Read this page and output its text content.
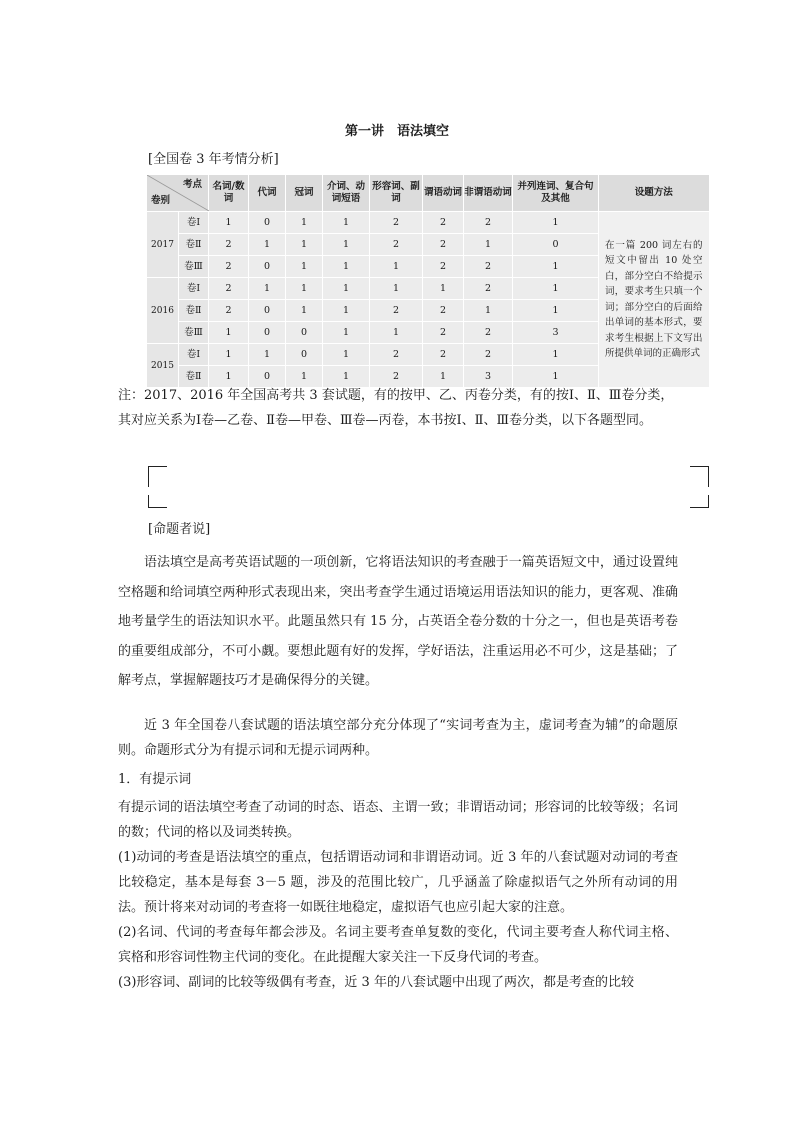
第一讲　语法填空
[全国卷 3 年考情分析]
考点
卷别		名词/数词	代词	冠词	介词、动词短语	形容词、副词	谓语动词	非谓语动词	并列连词、复合句及其他	设题方法
2017	卷Ⅰ	1	0	1	1	2	2	2	1	在一篇 200 词左右的短文中留出 10 处空白，部分空白不给提示词，要求考生只填一个词；部分空白的后面给出单词的基本形式，要求考生根据上下文写出所提供单词的正确形式
	卷Ⅱ	2	1	1	1	2	2	1	0	
	卷Ⅲ	2	0	1	1	1	2	2	1	
2016	卷Ⅰ	2	1	1	1	1	1	2	1	
	卷Ⅱ	2	0	1	1	2	2	1	1	
	卷Ⅲ	1	0	0	1	1	2	2	3	
2015	卷Ⅰ	1	1	0	1	2	2	2	1	
	卷Ⅱ	1	0	1	1	2	1	3	1	
注：2017、2016 年全国高考共 3 套试题，有的按甲、乙、丙卷分类，有的按Ⅰ、Ⅱ、Ⅲ卷分类，其对应关系为Ⅰ卷—乙卷、Ⅱ卷—甲卷、Ⅲ卷—丙卷，本书按Ⅰ、Ⅱ、Ⅲ卷分类，以下各题型同。
[命题者说]
语法填空是高考英语试题的一项创新，它将语法知识的考查融于一篇英语短文中，通过设置纯空格题和给词填空两种形式表现出来，突出考查学生通过语境运用语法知识的能力，更客观、准确地考量学生的语法知识水平。此题虽然只有 15 分，占英语全卷分数的十分之一，但也是英语考卷的重要组成部分，不可小觑。要想此题有好的发挥，学好语法，注重运用必不可少，这是基础；了解考点，掌握解题技巧才是确保得分的关键。
近 3 年全国卷八套试题的语法填空部分充分体现了“实词考查为主，虚词考查为辅”的命题原则。命题形式分为有提示词和无提示词两种。
1．有提示词
有提示词的语法填空考查了动词的时态、语态、主谓一致；非谓语动词；形容词的比较等级；名词的数；代词的格以及词类转换。
(1)动词的考查是语法填空的重点，包括谓语动词和非谓语动词。近 3 年的八套试题对动词的考查比较稳定，基本是每套 3－5 题，涉及的范围比较广，几乎涵盖了除虚拟语气之外所有动词的用法。预计将来对动词的考查将一如既往地稳定，虚拟语气也应引起大家的注意。
(2)名词、代词的考查每年都会涉及。名词主要考查单复数的变化，代词主要考查人称代词主格、宾格和形容词性物主代词的变化。在此提醒大家关注一下反身代词的考查。
(3)形容词、副词的比较等级偶有考查，近 3 年的八套试题中出现了两次，都是考查的比较
